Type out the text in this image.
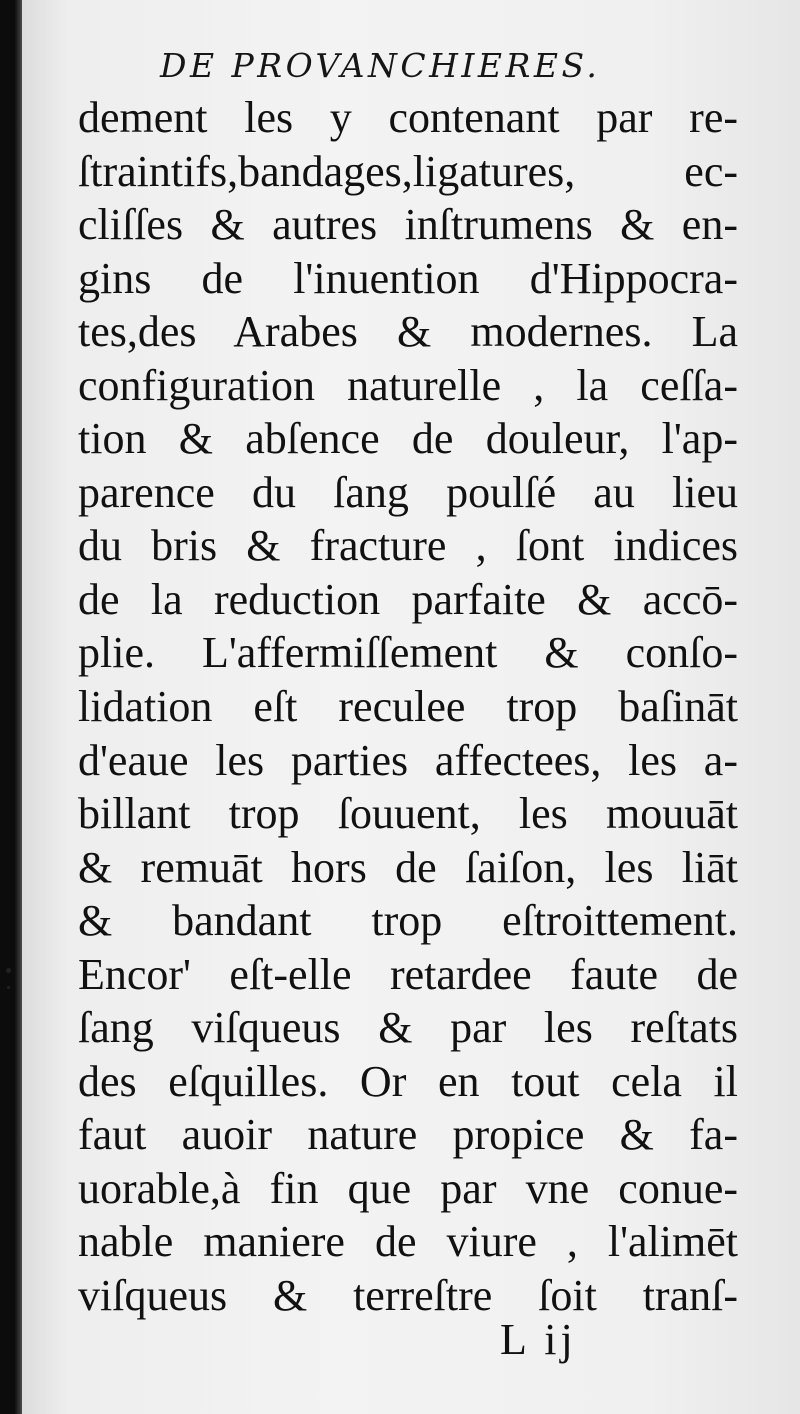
DE PROVANCHIERES.

dement les y contenant par re-
ſtraintifs,bandages,ligatures, ec-
cliſſes & autres inſtrumens & en-
gins de l'inuention d'Hippocra-
tes,des Arabes & modernes. La
configuration naturelle , la ceſſa-
tion & abſence de douleur, l'ap-
parence du ſang poulſé au lieu
du bris & fracture , ſont indices
de la reduction parfaite & accō-
plie. L'affermiſſement & conſo-
lidation eſt reculee trop baſināt
d'eaue les parties affectees, les a-
billant trop ſouuent, les mouuāt
& remuāt hors de ſaiſon, les liāt
& bandant trop eſtroittement.
Encor' eſt-elle retardee faute de
ſang viſqueus & par les reſtats
des eſquilles. Or en tout cela il
faut auoir nature propice & fa-
uorable,à fin que par vne conue-
nable maniere de viure , l'alimēt
viſqueus & terreſtre ſoit tranſ-

L ij
